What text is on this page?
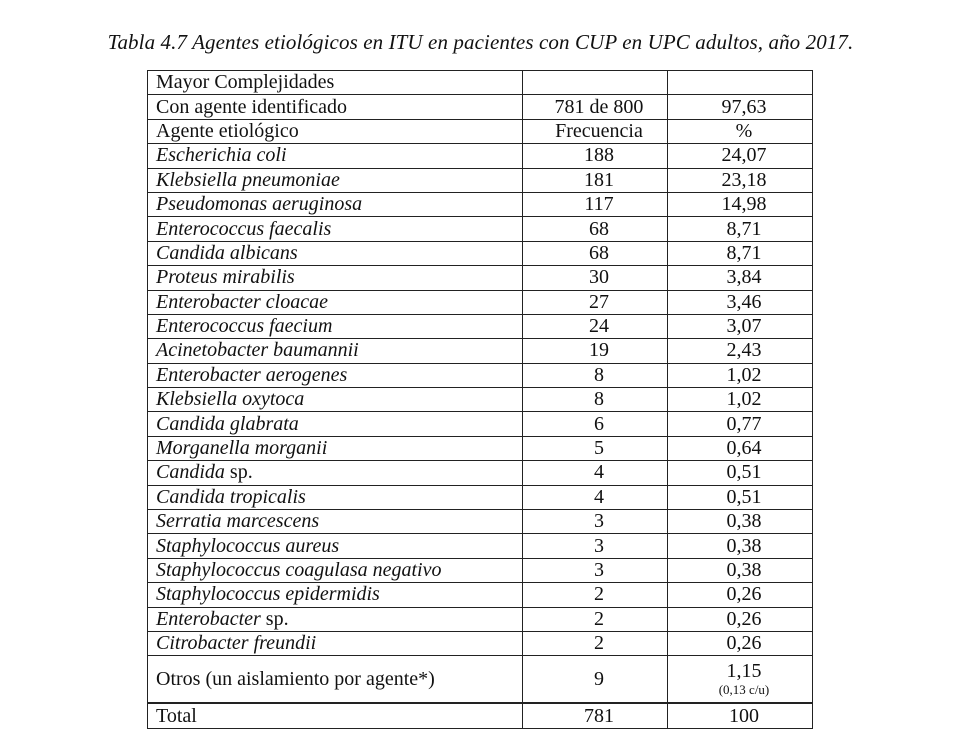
Tabla 4.7 Agentes etiológicos en ITU en pacientes con CUP en UPC adultos, año 2017.
Mayor Complejidades		
Con agente identificado	781 de 800	97,63
Agente etiológico	Frecuencia	%
Escherichia coli	188	24,07
Klebsiella pneumoniae	181	23,18
Pseudomonas aeruginosa	117	14,98
Enterococcus faecalis	68	8,71
Candida albicans	68	8,71
Proteus mirabilis	30	3,84
Enterobacter cloacae	27	3,46
Enterococcus faecium	24	3,07
Acinetobacter baumannii	19	2,43
Enterobacter aerogenes	8	1,02
Klebsiella oxytoca	8	1,02
Candida glabrata	6	0,77
Morganella morganii	5	0,64
Candida sp.	4	0,51
Candida tropicalis	4	0,51
Serratia marcescens	3	0,38
Staphylococcus aureus	3	0,38
Staphylococcus coagulasa negativo	3	0,38
Staphylococcus epidermidis	2	0,26
Enterobacter sp.	2	0,26
Citrobacter freundii	2	0,26
Otros (un aislamiento por agente*)	9	1,15
(0,13 c/u)

Total	781	100
